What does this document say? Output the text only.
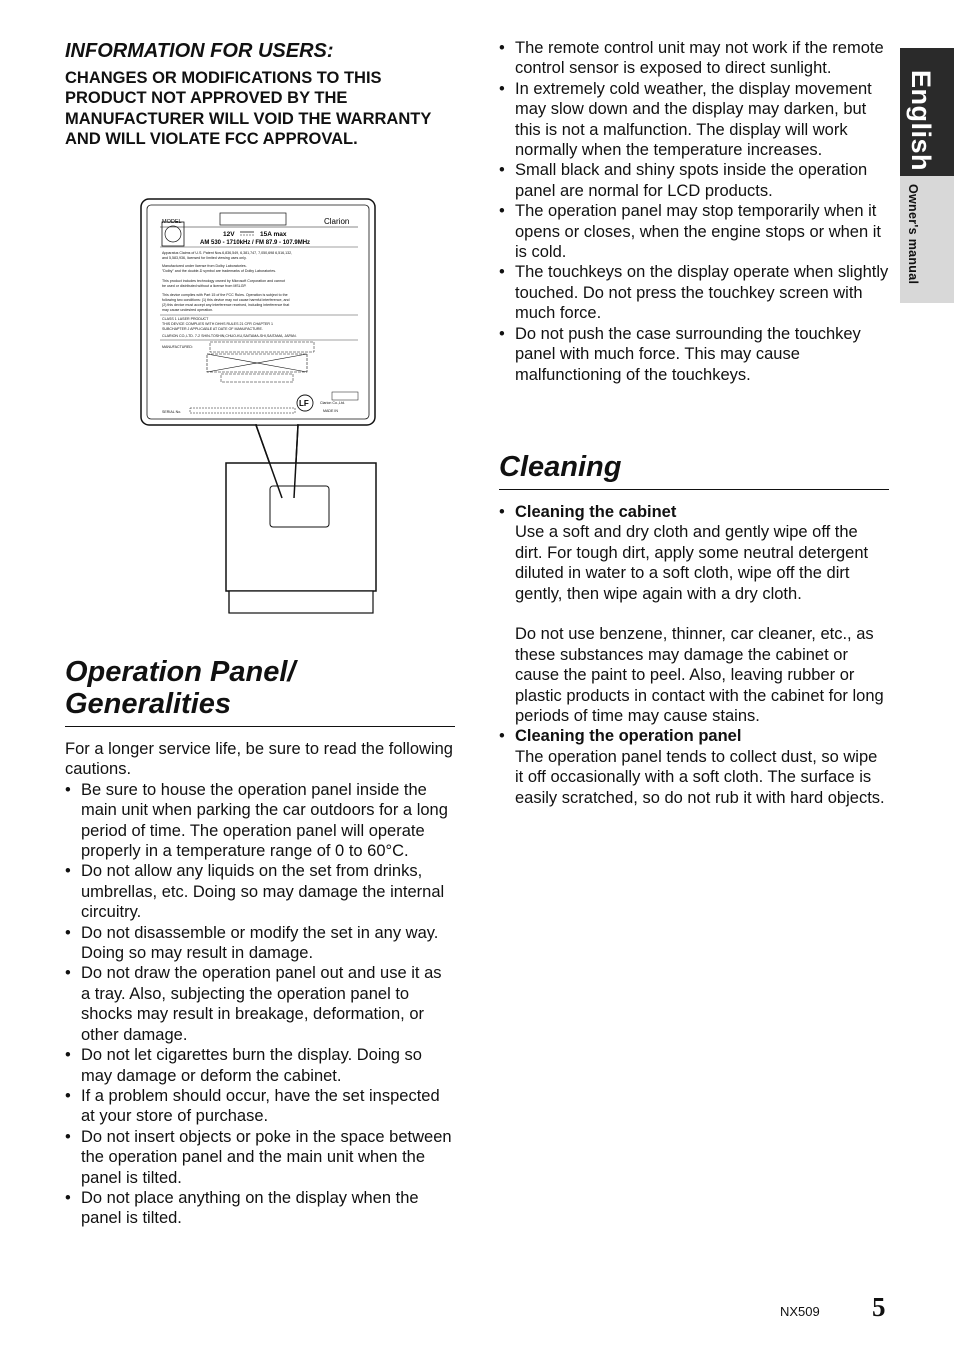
INFORMATION FOR USERS:

CHANGES OR MODIFICATIONS TO THIS PRODUCT NOT APPROVED BY THE MANUFACTURER WILL VOID THE WARRANTY AND WILL VIOLATE FCC APPROVAL.

MODEL	Clarion
12V	15A max
AM 530 - 1710kHz / FM 87.9 - 107.9MHz
Apparatus Claims of U.S. Patent Nos.6,836,549, 6,381,747, 7,050,698 6,516,132,
and 5,583,936, licensed for limited viewing uses only.
Manufactured under license from Dolby Laboratories.
"Dolby" and the double-D symbol are trademarks of Dolby Laboratories.
This product includes technology owned by Microsoft Corporation and cannot
be used or distributed without a license from MSLGP.
This device complies with Part 15 of the FCC Rules. Operation is subject to the
following two conditions: (1) this device may not cause harmful interference, and
(2) this device must accept any interference received, including interference that
may cause undesired operation.
CLASS 1 LASER PRODUCT
THIS DEVICE COMPLIES WITH DHHS RULES 21 CFR CHAPTER 1
SUBCHAPTER J APPLICABLE AT DATE OF MANUFACTURE.
CLARION CO.,LTD. 7-2 SHIN-TOSHIN,CHUO-KU,SAITAMA-SHI,SAITAMA, JAPAN.
MANUFACTURED:
SERIAL No.
Clarion Co.,Ltd.
MADE IN
LF
Operation Panel/
Generalities

For a longer service life, be sure to read the following cautions.

• Be sure to house the operation panel inside the main unit when parking the car outdoors for a long period of time. The operation panel will operate properly in a temperature range of 0 to 60°C.
• Do not allow any liquids on the set from drinks, umbrellas, etc. Doing so may damage the internal circuitry.
• Do not disassemble or modify the set in any way. Doing so may result in damage.
• Do not draw the operation panel out and use it as a tray. Also, subjecting the operation panel to shocks may result in breakage, deformation, or other damage.
• Do not let cigarettes burn the display. Doing so may damage or deform the cabinet.
• If a problem should occur, have the set inspected at your store of purchase.
• Do not insert objects or poke in the space between the operation panel and the main unit when the panel is tilted.
• Do not place anything on the display when the panel is tilted.
• The remote control unit may not work if the remote control sensor is exposed to direct sunlight.
• In extremely cold weather, the display movement may slow down and the display may darken, but this is not a malfunction. The display will work normally when the temperature increases.
• Small black and shiny spots inside the operation panel are normal for LCD products.
• The operation panel may stop temporarily when it opens or closes, when the engine stops or when it is cold.
• The touchkeys on the display operate when slightly touched. Do not press the touchkey screen with much force.
• Do not push the case surrounding the touchkey panel with much force. This may cause malfunctioning of the touchkeys.
Cleaning
• Cleaning the cabinet
Use a soft and dry cloth and gently wipe off the dirt. For tough dirt, apply some neutral detergent diluted in water to a soft cloth, wipe off the dirt gently, then wipe again with a dry cloth.
Do not use benzene, thinner, car cleaner, etc., as these substances may damage the cabinet or cause the paint to peel. Also, leaving rubber or plastic products in contact with the cabinet for long periods of time may cause stains.
• Cleaning the operation panel
The operation panel tends to collect dust, so wipe it off occasionally with a soft cloth. The surface is easily scratched, so do not rub it with hard objects.
English
Owner's manual
NX509 5
